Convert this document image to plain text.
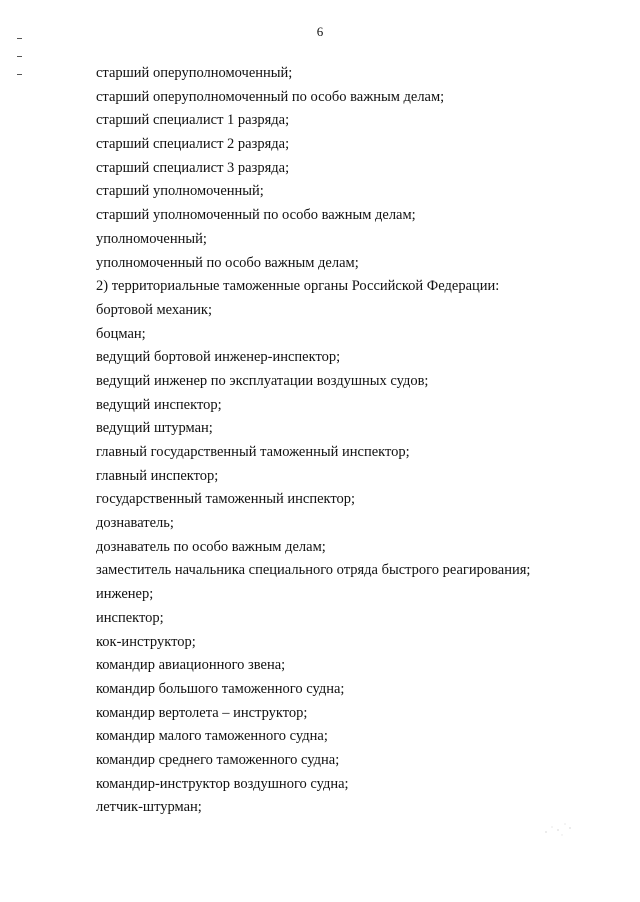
6
старший оперуполномоченный;
старший оперуполномоченный по особо важным делам;
старший специалист 1 разряда;
старший специалист 2 разряда;
старший специалист 3 разряда;
старший уполномоченный;
старший уполномоченный по особо важным делам;
уполномоченный;
уполномоченный по особо важным делам;
2) территориальные таможенные органы Российской Федерации:
бортовой механик;
боцман;
ведущий бортовой инженер-инспектор;
ведущий инженер по эксплуатации воздушных судов;
ведущий инспектор;
ведущий штурман;
главный государственный таможенный инспектор;
главный инспектор;
государственный таможенный инспектор;
дознаватель;
дознаватель по особо важным делам;
заместитель начальника специального отряда быстрого реагирования;
инженер;
инспектор;
кок-инструктор;
командир авиационного звена;
командир большого таможенного судна;
командир вертолета – инструктор;
командир малого таможенного судна;
командир среднего таможенного судна;
командир-инструктор воздушного судна;
летчик-штурман;
